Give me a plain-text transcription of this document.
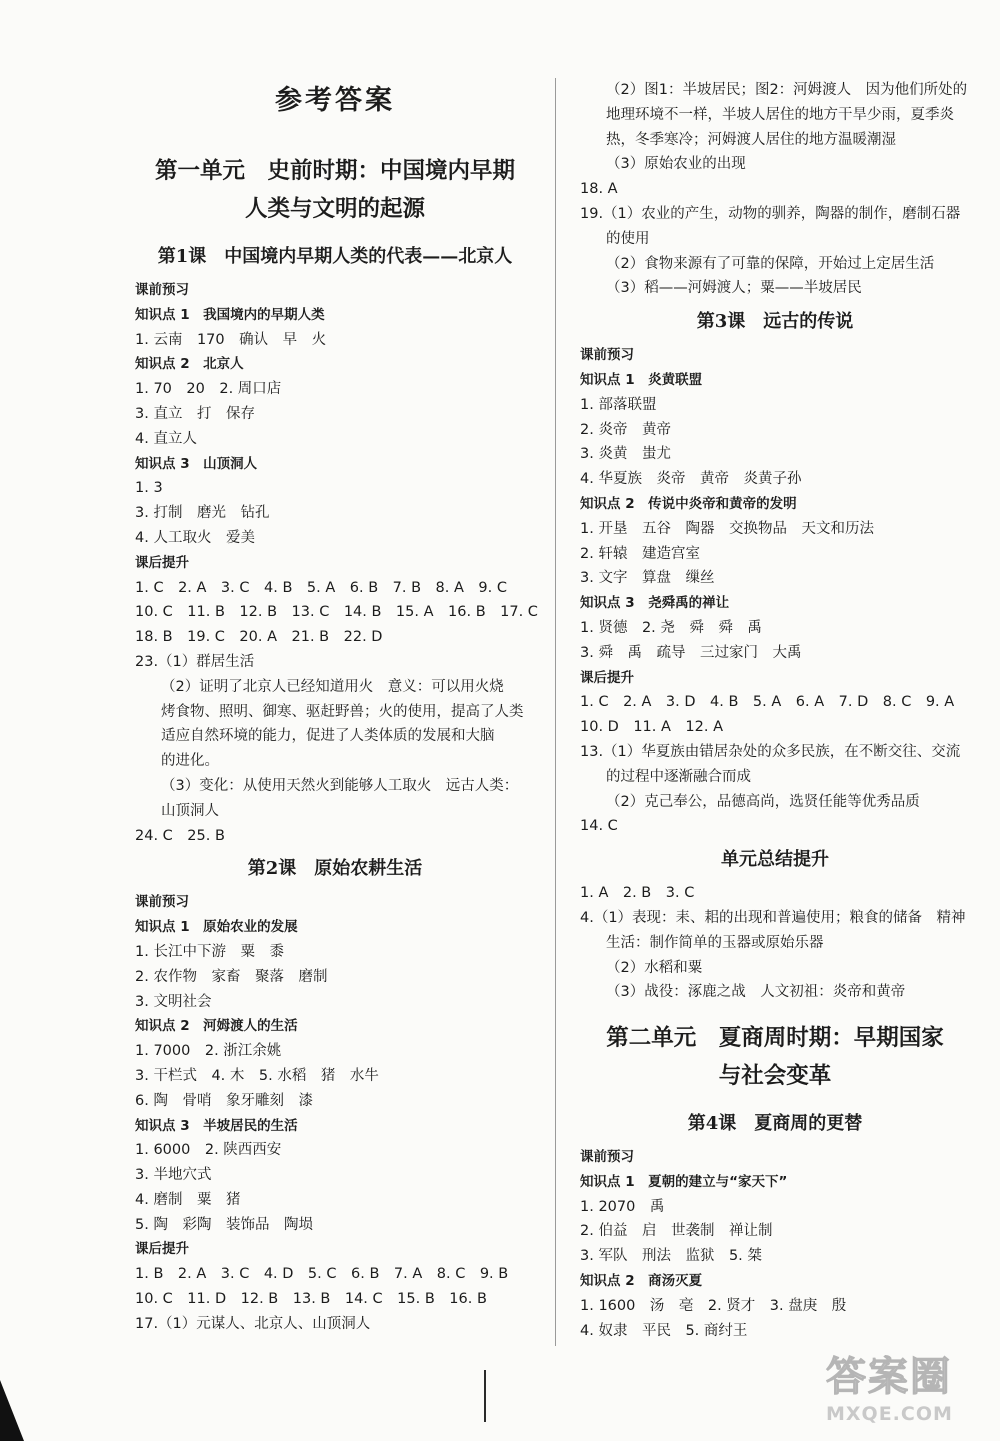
参考答案
第一单元　史前时期：中国境内早期
人类与文明的起源
第1课　中国境内早期人类的代表——北京人
课前预习
知识点 1　我国境内的早期人类
1. 云南　170　确认　早　火
知识点 2　北京人
1. 70　20　2. 周口店
3. 直立　打　保存
4. 直立人
知识点 3　山顶洞人
1. 3
3. 打制　磨光　钻孔
4. 人工取火　爱美
课后提升
1. C　2. A　3. C　4. B　5. A　6. B　7. B　8. A　9. C
10. C　11. B　12. B　13. C　14. B　15. A　16. B　17. C
18. B　19. C　20. A　21. B　22. D
23.（1）群居生活
（2）证明了北京人已经知道用火　意义：可以用火烧
烤食物、照明、御寒、驱赶野兽；火的使用，提高了人类
适应自然环境的能力，促进了人类体质的发展和大脑
的进化。
（3）变化：从使用天然火到能够人工取火　远古人类：
山顶洞人
24. C　25. B
第2课　原始农耕生活
课前预习
知识点 1　原始农业的发展
1. 长江中下游　粟　黍
2. 农作物　家畜　聚落　磨制
3. 文明社会
知识点 2　河姆渡人的生活
1. 7000　2. 浙江余姚
3. 干栏式　4. 木　5. 水稻　猪　水牛
6. 陶　骨哨　象牙雕刻　漆
知识点 3　半坡居民的生活
1. 6000　2. 陕西西安
3. 半地穴式
4. 磨制　粟　猪
5. 陶　彩陶　装饰品　陶埙
课后提升
1. B　2. A　3. C　4. D　5. C　6. B　7. A　8. C　9. B
10. C　11. D　12. B　13. B　14. C　15. B　16. B
17.（1）元谋人、北京人、山顶洞人
（2）图1：半坡居民；图2：河姆渡人　因为他们所处的
地理环境不一样，半坡人居住的地方干旱少雨，夏季炎
热，冬季寒冷；河姆渡人居住的地方温暖潮湿
（3）原始农业的出现
18. A
19.（1）农业的产生，动物的驯养，陶器的制作，磨制石器
的使用
（2）食物来源有了可靠的保障，开始过上定居生活
（3）稻——河姆渡人；粟——半坡居民
第3课　远古的传说
课前预习
知识点 1　炎黄联盟
1. 部落联盟
2. 炎帝　黄帝
3. 炎黄　蚩尤
4. 华夏族　炎帝　黄帝　炎黄子孙
知识点 2　传说中炎帝和黄帝的发明
1. 开垦　五谷　陶器　交换物品　天文和历法
2. 轩辕　建造宫室
3. 文字　算盘　缫丝
知识点 3　尧舜禹的禅让
1. 贤德　2. 尧　舜　舜　禹
3. 舜　禹　疏导　三过家门　大禹
课后提升
1. C　2. A　3. D　4. B　5. A　6. A　7. D　8. C　9. A
10. D　11. A　12. A
13.（1）华夏族由错居杂处的众多民族，在不断交往、交流
的过程中逐渐融合而成
（2）克己奉公，品德高尚，选贤任能等优秀品质
14. C
单元总结提升
1. A　2. B　3. C
4.（1）表现：耒、耜的出现和普遍使用；粮食的储备　精神
生活：制作简单的玉器或原始乐器
（2）水稻和粟
（3）战役：涿鹿之战　人文初祖：炎帝和黄帝
第二单元　夏商周时期：早期国家
与社会变革
第4课　夏商周的更替
课前预习
知识点 1　夏朝的建立与“家天下”
1. 2070　禹
2. 伯益　启　世袭制　禅让制
3. 军队　刑法　监狱　5. 桀
知识点 2　商汤灭夏
1. 1600　汤　亳　2. 贤才　3. 盘庚　殷
4. 奴隶　平民　5. 商纣王
答案圈
MXQE.COM
